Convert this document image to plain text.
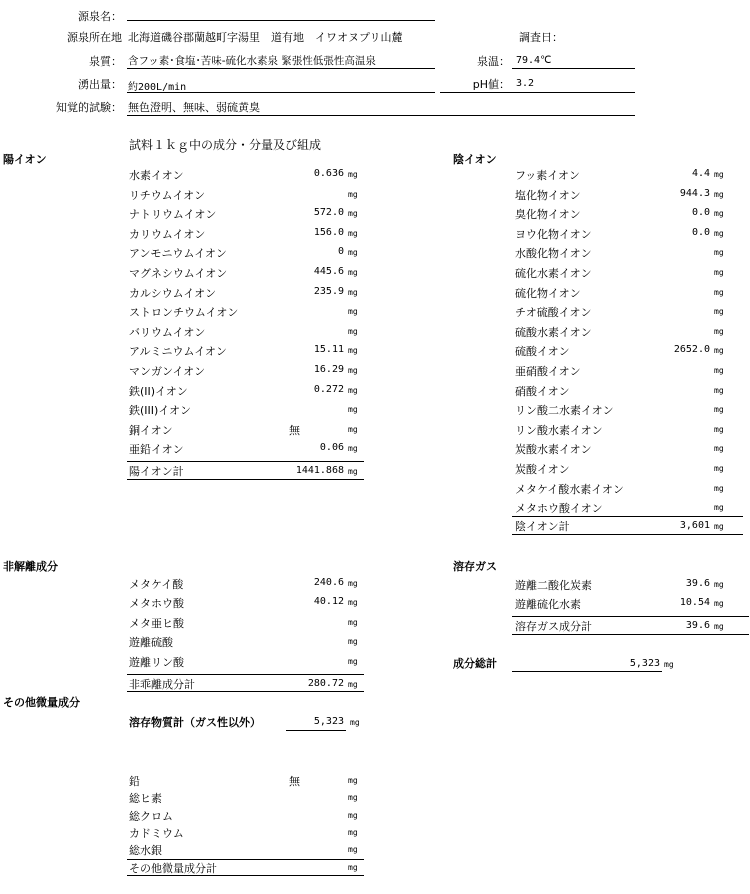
源泉名：
源泉所在地 北海道磯谷郡蘭越町字湯里　道有地　イワオヌプリ山麓	調査日：
泉質： 含フッ素･食塩･苦味-硫化水素泉 緊張性低張性高温泉	泉温： 79.4℃
湧出量： 約200L/min	pH値： 3.2
知覚的試験： 無色澄明、無味、弱硫黄臭
試料１ｋｇ中の成分・分量及び組成
陽イオン	陰イオン
非解離成分	溶存ガス
その他微量成分
水素イオン	0.636 mg
リチウムイオン	mg
ナトリウムイオン	572.0 mg
カリウムイオン	156.0 mg
アンモニウムイオン	0 mg
マグネシウムイオン	445.6 mg
カルシウムイオン	235.9 mg
ストロンチウムイオン	mg
バリウムイオン	mg
アルミニウムイオン	15.11 mg
マンガンイオン	16.29 mg
鉄(II)イオン	0.272 mg
鉄(III)イオン	mg
銅イオン	無	mg
亜鉛イオン	0.06 mg
陽イオン計	1441.868 mg
フッ素イオン	4.4 mg
塩化物イオン	944.3 mg
臭化物イオン	0.0 mg
ヨウ化物イオン	0.0 mg
水酸化物イオン	mg
硫化水素イオン	mg
硫化物イオン	mg
チオ硫酸イオン	mg
硫酸水素イオン	mg
硫酸イオン	2652.0 mg
亜硝酸イオン	mg
硝酸イオン	mg
リン酸二水素イオン	mg
リン酸水素イオン	mg
炭酸水素イオン	mg
炭酸イオン	mg
メタケイ酸水素イオン	mg
メタホウ酸イオン	mg
陰イオン計	3,601 mg
メタケイ酸	240.6 mg
メタホウ酸	40.12 mg
メタ亜ヒ酸	mg
遊離硫酸	mg
遊離リン酸	mg
非乖離成分計	280.72 mg
遊離二酸化炭素	39.6 mg
遊離硫化水素	10.54 mg
溶存ガス成分計	39.6 mg
成分総計	5,323 mg
溶存物質計（ガス性以外）	5,323 mg
鉛	無	mg
総ヒ素	mg
総クロム	mg
カドミウム	mg
総水銀	mg
その他微量成分計	mg
